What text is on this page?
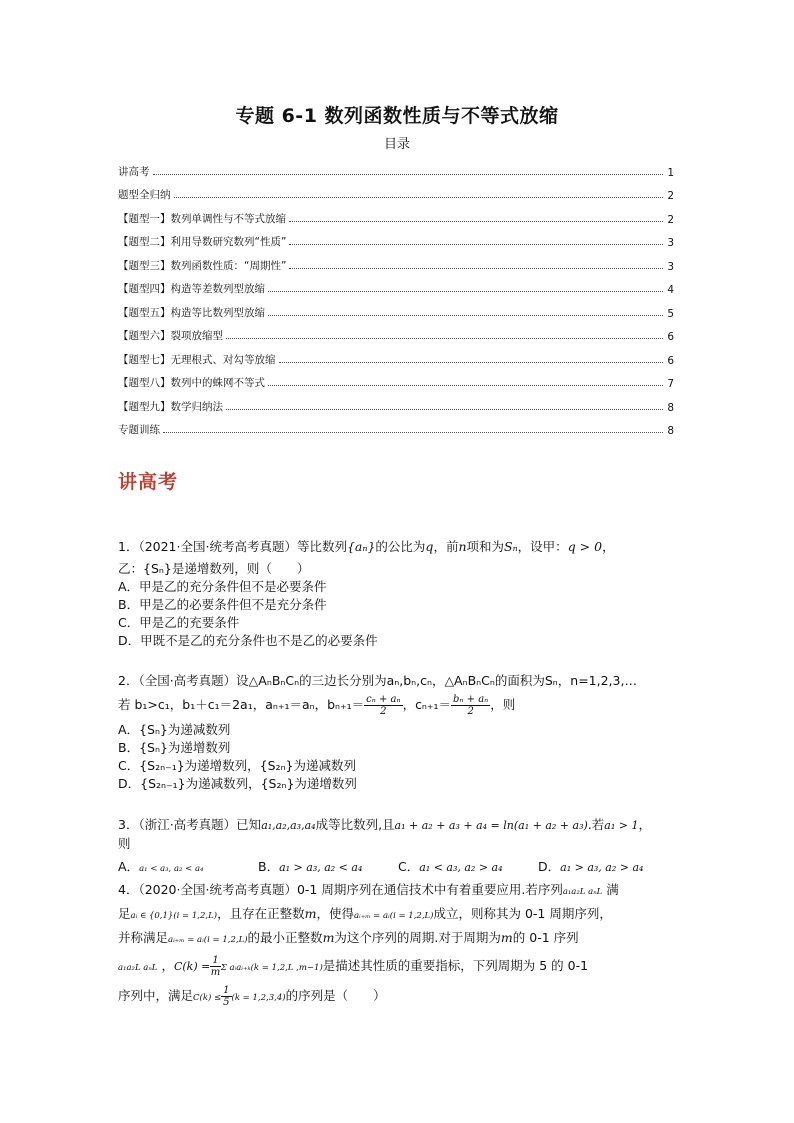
专题 6-1 数列函数性质与不等式放缩
目录
讲高考	1
题型全归纳	2
【题型一】数列单调性与不等式放缩	2
【题型二】利用导数研究数列“性质”	3
【题型三】数列函数性质：“周期性”	3
【题型四】构造等差数列型放缩	4
【题型五】构造等比数列型放缩	5
【题型六】裂项放缩型	6
【题型七】无理根式、对勾等放缩	6
【题型八】数列中的蛛网不等式	7
【题型九】数学归纳法	8
专题训练	8
讲高考

1．（2021·全国·统考高考真题）等比数列{aₙ}的公比为q，前n项和为Sₙ，设甲：q > 0，

乙：{Sₙ}是递增数列，则（　　）

A．甲是乙的充分条件但不是必要条件

B．甲是乙的必要条件但不是充分条件

C．甲是乙的充要条件

D．甲既不是乙的充分条件也不是乙的必要条件

2．（全国·高考真题）设△AₙBₙCₙ的三边长分别为aₙ,bₙ,cₙ，△AₙBₙCₙ的面积为Sₙ，n=1,2,3,…

若 b₁>c₁，b₁＋c₁＝2a₁，aₙ₊₁＝aₙ，$b_{n+1}= \frac{\text{cₙ + aₙ}}{2}$ ，$c_{n+1}= \frac{\text{bₙ + aₙ}}{2}$ ，则

A．{Sₙ}为递减数列

B．{Sₙ}为递增数列

C．{S₂ₙ₋₁}为递增数列，{S₂ₙ}为递减数列

D．{S₂ₙ₋₁}为递减数列，{S₂ₙ}为递增数列

3．（浙江·高考真题）已知a₁,a₂,a₃,a₄成等比数列,且a₁ + a₂ + a₃ + a₄ = ln(a₁ + a₂ + a₃).若a₁ > 1，

则

A．a₁ < a₃, a₂ < a₄	B．a₁ > a₃, a₂ < a₄	C．a₁ < a₃, a₂ > a₄	D．a₁ > a₃, a₂ > a₄

4．（2020·全国·统考高考真题）0-1 周期序列在通信技术中有着重要应用.若序列a₁a₂L aₙL 满

足aᵢ ∈ {0,1}(i = 1,2,L)，且存在正整数m，使得aᵢ₊ₘ = aᵢ(i = 1,2,L)成立，则称其为 0-1 周期序列，

并称满足aᵢ₊ₘ = aᵢ(i = 1,2,L)的最小正整数m为这个序列的周期.对于周期为m的 0-1 序列

a₁a₂L aₙL ，$C(k) = \frac{1}{m}$ Σ aᵢaᵢ₊ₖ(k = 1,2,L ,m−1)是描述其性质的重要指标，下列周期为 5 的 0-1

序列中，满足$C(k) \le \frac{1}{5} (k = 1,2,3,4)$的序列是（　　）
